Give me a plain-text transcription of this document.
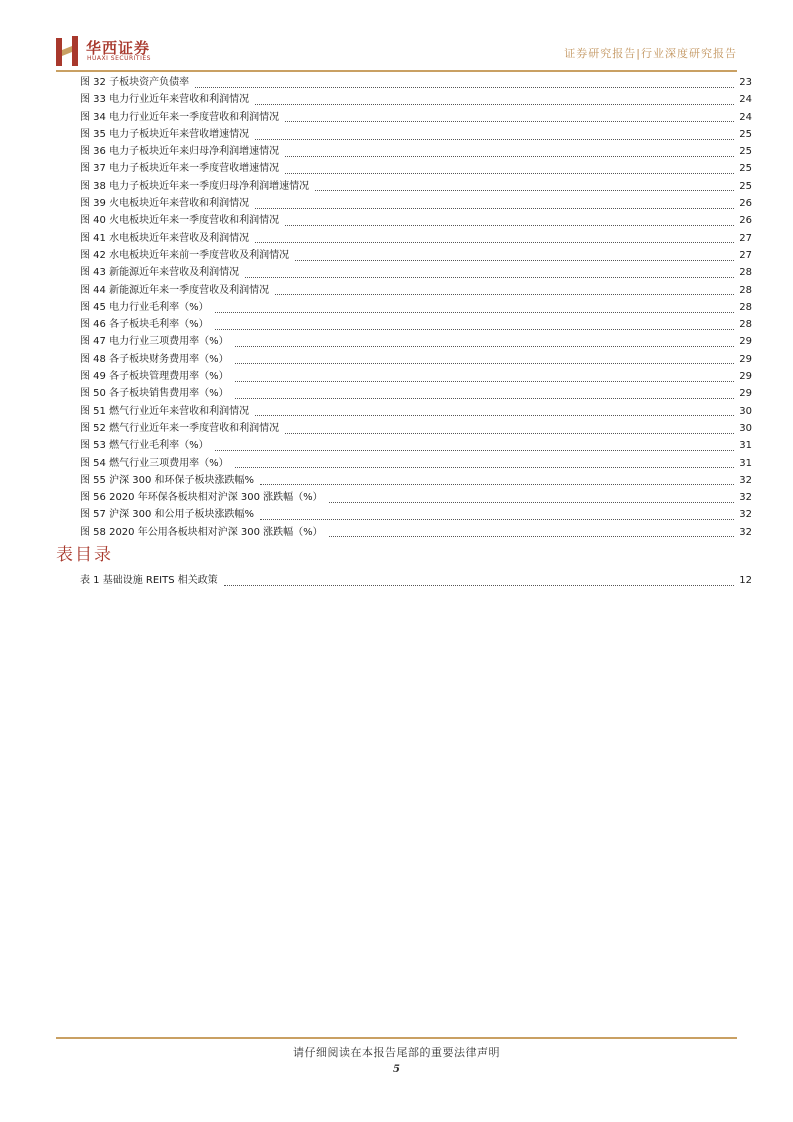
华西证券
HUAXI SECURITIES	证券研究报告|行业深度研究报告
图 32 子板块资产负债率	23
图 33 电力行业近年来营收和利润情况	24
图 34 电力行业近年来一季度营收和利润情况	24
图 35 电力子板块近年来营收增速情况	25
图 36 电力子板块近年来归母净利润增速情况	25
图 37 电力子板块近年来一季度营收增速情况	25
图 38 电力子板块近年来一季度归母净利润增速情况	25
图 39 火电板块近年来营收和利润情况	26
图 40 火电板块近年来一季度营收和利润情况	26
图 41 水电板块近年来营收及利润情况	27
图 42 水电板块近年来前一季度营收及利润情况	27
图 43 新能源近年来营收及利润情况	28
图 44 新能源近年来一季度营收及利润情况	28
图 45 电力行业毛利率（%）	28
图 46 各子板块毛利率（%）	28
图 47 电力行业三项费用率（%）	29
图 48 各子板块财务费用率（%）	29
图 49 各子板块管理费用率（%）	29
图 50 各子板块销售费用率（%）	29
图 51 燃气行业近年来营收和利润情况	30
图 52 燃气行业近年来一季度营收和利润情况	30
图 53 燃气行业毛利率（%）	31
图 54 燃气行业三项费用率（%）	31
图 55 沪深 300 和环保子板块涨跌幅%	32
图 56 2020 年环保各板块相对沪深 300 涨跌幅（%）	32
图 57 沪深 300 和公用子板块涨跌幅%	32
图 58 2020 年公用各板块相对沪深 300 涨跌幅（%）	32
表目录
表 1 基础设施 REITS 相关政策	12
请仔细阅读在本报告尾部的重要法律声明
5
